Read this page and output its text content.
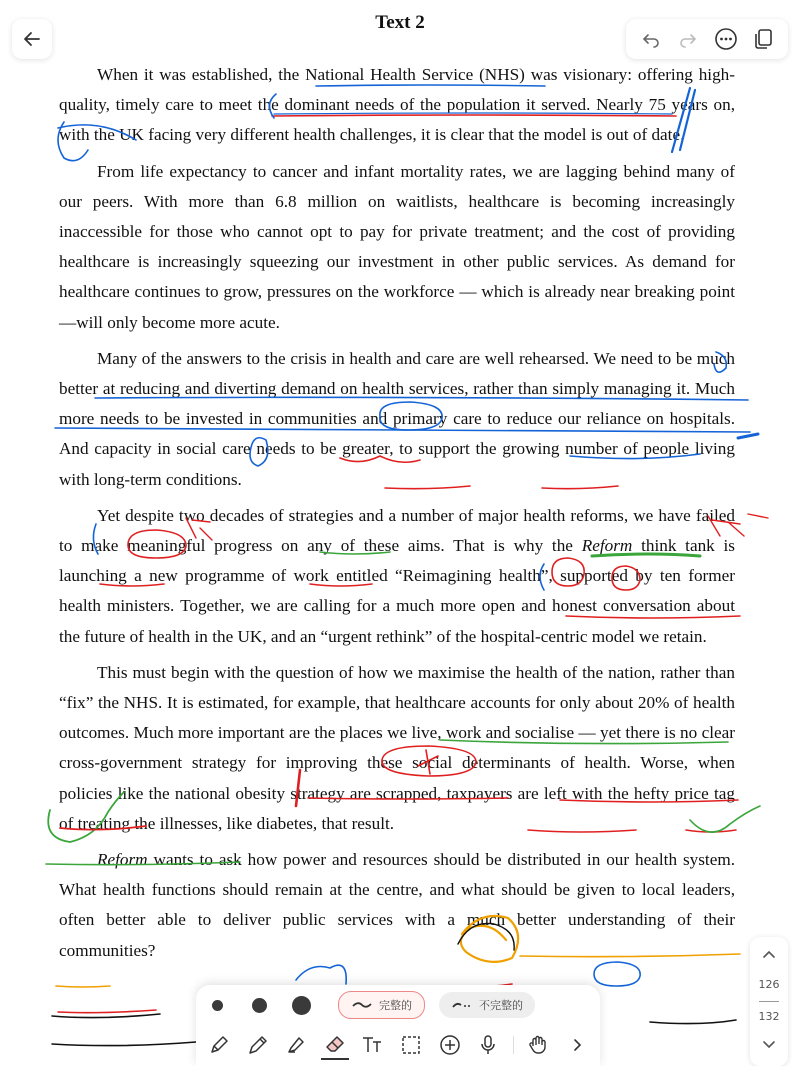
Text 2

When it was established, the National Health Service (NHS) was visionary: offering high-quality, timely care to meet the dominant needs of the population it served. Nearly 75 years on, with the UK facing very different health challenges, it is clear that the model is out of date.

From life expectancy to cancer and infant mortality rates, we are lagging behind many of our peers. With more than 6.8 million on waitlists, healthcare is becoming increasingly inaccessible for those who cannot opt to pay for private treatment; and the cost of providing healthcare is increasingly squeezing our investment in other public services. As demand for healthcare continues to grow, pressures on the workforce — which is already near breaking point—will only become more acute.

Many of the answers to the crisis in health and care are well rehearsed. We need to be much better at reducing and diverting demand on health services, rather than simply managing it. Much more needs to be invested in communities and primary care to reduce our reliance on hospitals. And capacity in social care needs to be greater, to support the growing number of people living with long-term conditions.

Yet despite two decades of strategies and a number of major health reforms, we have failed to make meaningful progress on any of these aims. That is why the Reform think tank is launching a new programme of work entitled “Reimagining health”, supported by ten former health ministers. Together, we are calling for a much more open and honest conversation about the future of health in the UK, and an “urgent rethink” of the hospital-centric model we retain.

This must begin with the question of how we maximise the health of the nation, rather than “fix” the NHS. It is estimated, for example, that healthcare accounts for only about 20% of health outcomes. Much more important are the places we live, work and socialise — yet there is no clear cross-government strategy for improving these social determinants of health. Worse, when policies like the national obesity strategy are scrapped, taxpayers are left with the hefty price tag of treating the illnesses, like diabetes, that result.

Reform wants to ask how power and resources should be distributed in our health system. What health functions should remain at the centre, and what should be given to local leaders, often better able to deliver public services with a much better understanding of their communities?

完整的	不完整的
126
132
